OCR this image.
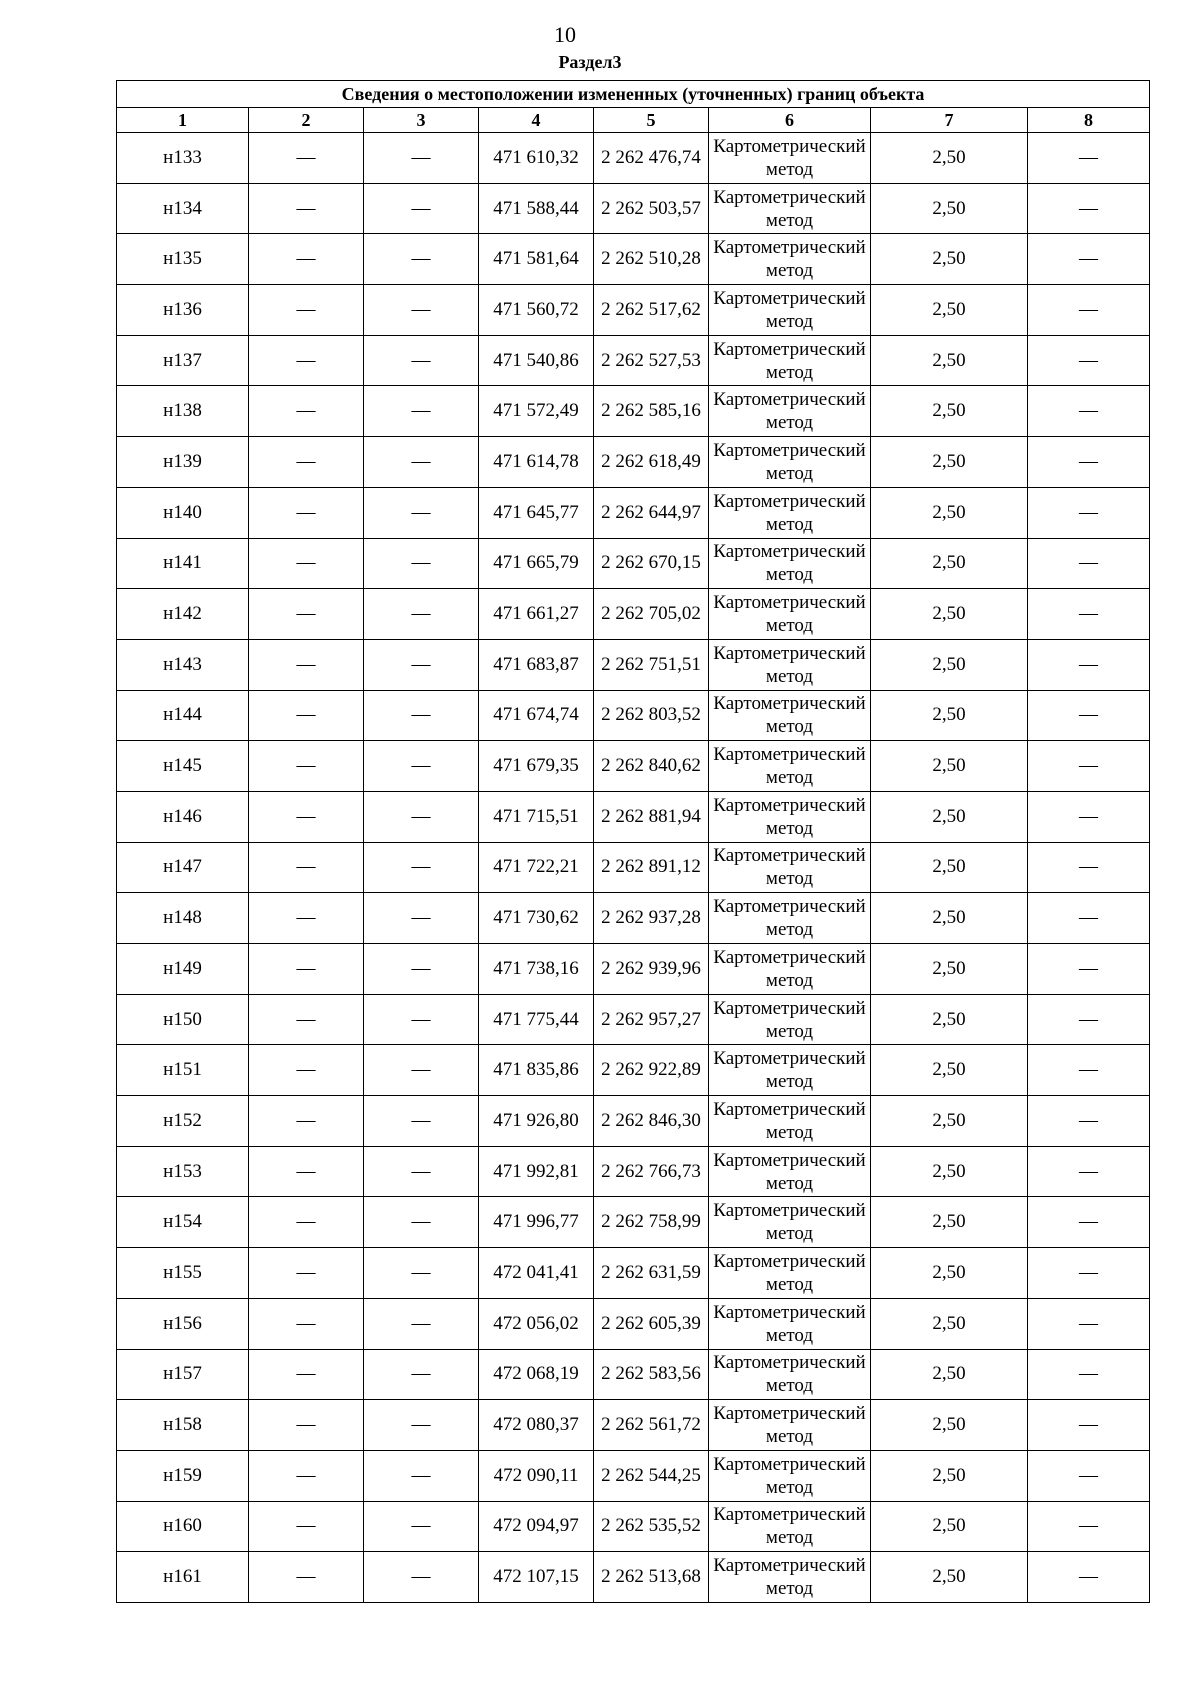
10
Раздел3
Сведения о местоположении измененных (уточненных) границ объекта							
1	2	3	4	5	6	7	8
н133	—	—	471 610,32	2 262 476,74	Картометрический метод	2,50	—
н134	—	—	471 588,44	2 262 503,57	Картометрический метод	2,50	—
н135	—	—	471 581,64	2 262 510,28	Картометрический метод	2,50	—
н136	—	—	471 560,72	2 262 517,62	Картометрический метод	2,50	—
н137	—	—	471 540,86	2 262 527,53	Картометрический метод	2,50	—
н138	—	—	471 572,49	2 262 585,16	Картометрический метод	2,50	—
н139	—	—	471 614,78	2 262 618,49	Картометрический метод	2,50	—
н140	—	—	471 645,77	2 262 644,97	Картометрический метод	2,50	—
н141	—	—	471 665,79	2 262 670,15	Картометрический метод	2,50	—
н142	—	—	471 661,27	2 262 705,02	Картометрический метод	2,50	—
н143	—	—	471 683,87	2 262 751,51	Картометрический метод	2,50	—
н144	—	—	471 674,74	2 262 803,52	Картометрический метод	2,50	—
н145	—	—	471 679,35	2 262 840,62	Картометрический метод	2,50	—
н146	—	—	471 715,51	2 262 881,94	Картометрический метод	2,50	—
н147	—	—	471 722,21	2 262 891,12	Картометрический метод	2,50	—
н148	—	—	471 730,62	2 262 937,28	Картометрический метод	2,50	—
н149	—	—	471 738,16	2 262 939,96	Картометрический метод	2,50	—
н150	—	—	471 775,44	2 262 957,27	Картометрический метод	2,50	—
н151	—	—	471 835,86	2 262 922,89	Картометрический метод	2,50	—
н152	—	—	471 926,80	2 262 846,30	Картометрический метод	2,50	—
н153	—	—	471 992,81	2 262 766,73	Картометрический метод	2,50	—
н154	—	—	471 996,77	2 262 758,99	Картометрический метод	2,50	—
н155	—	—	472 041,41	2 262 631,59	Картометрический метод	2,50	—
н156	—	—	472 056,02	2 262 605,39	Картометрический метод	2,50	—
н157	—	—	472 068,19	2 262 583,56	Картометрический метод	2,50	—
н158	—	—	472 080,37	2 262 561,72	Картометрический метод	2,50	—
н159	—	—	472 090,11	2 262 544,25	Картометрический метод	2,50	—
н160	—	—	472 094,97	2 262 535,52	Картометрический метод	2,50	—
н161	—	—	472 107,15	2 262 513,68	Картометрический метод	2,50	—
